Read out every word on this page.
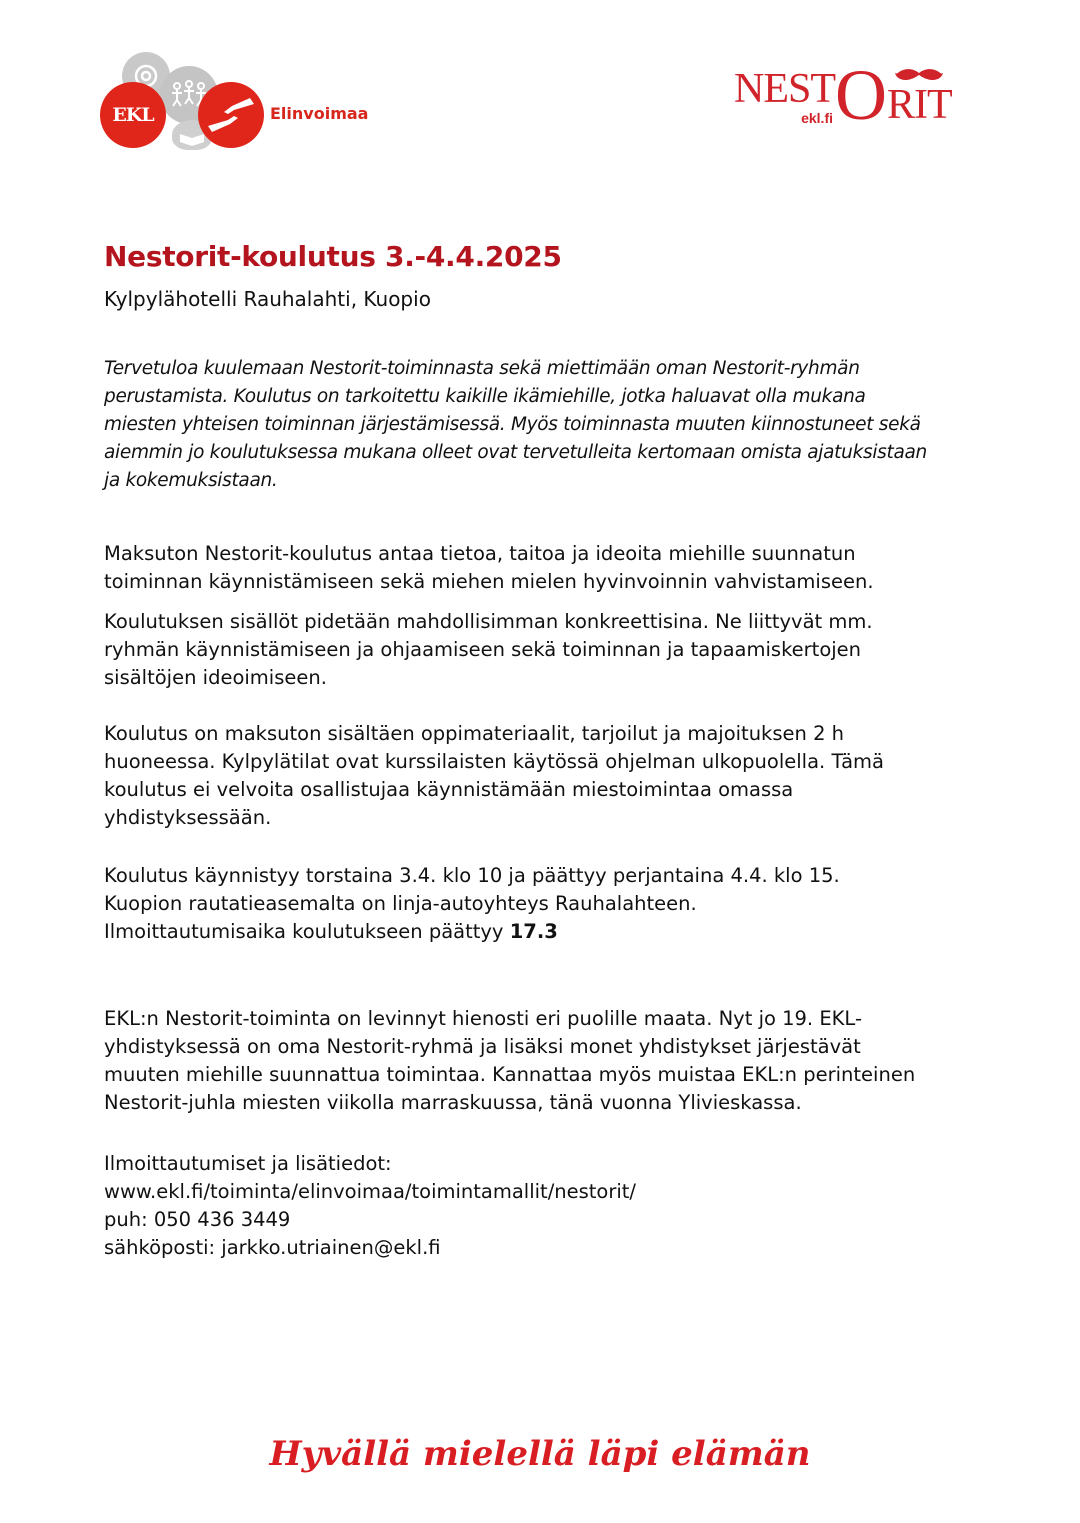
EKL	Elinvoimaa
NEST
ekl.fi O RIT
Nestorit-koulutus 3.-4.4.2025
Kylpylähotelli Rauhalahti, Kuopio
Tervetuloa kuulemaan Nestorit-toiminnasta sekä miettimään oman Nestorit-ryhmän
perustamista. Koulutus on tarkoitettu kaikille ikämiehille, jotka haluavat olla mukana
miesten yhteisen toiminnan järjestämisessä. Myös toiminnasta muuten kiinnostuneet sekä
aiemmin jo koulutuksessa mukana olleet ovat tervetulleita kertomaan omista ajatuksistaan
ja kokemuksistaan.
Maksuton Nestorit-koulutus antaa tietoa, taitoa ja ideoita miehille suunnatun
toiminnan käynnistämiseen sekä miehen mielen hyvinvoinnin vahvistamiseen.
Koulutuksen sisällöt pidetään mahdollisimman konkreettisina. Ne liittyvät mm.
ryhmän käynnistämiseen ja ohjaamiseen sekä toiminnan ja tapaamiskertojen
sisältöjen ideoimiseen.
Koulutus on maksuton sisältäen oppimateriaalit, tarjoilut ja majoituksen 2 h
huoneessa. Kylpylätilat ovat kurssilaisten käytössä ohjelman ulkopuolella. Tämä
koulutus ei velvoita osallistujaa käynnistämään miestoimintaa omassa
yhdistyksessään.
Koulutus käynnistyy torstaina 3.4. klo 10 ja päättyy perjantaina 4.4. klo 15.
Kuopion rautatieasemalta on linja-autoyhteys Rauhalahteen.
Ilmoittautumisaika koulutukseen päättyy 17.3
EKL:n Nestorit-toiminta on levinnyt hienosti eri puolille maata. Nyt jo 19. EKL-
yhdistyksessä on oma Nestorit-ryhmä ja lisäksi monet yhdistykset järjestävät
muuten miehille suunnattua toimintaa. Kannattaa myös muistaa EKL:n perinteinen
Nestorit-juhla miesten viikolla marraskuussa, tänä vuonna Ylivieskassa.
Ilmoittautumiset ja lisätiedot:
www.ekl.fi/toiminta/elinvoimaa/toimintamallit/nestorit/
puh: 050 436 3449
sähköposti: jarkko.utriainen@ekl.fi
Hyvällä mielellä läpi elämän
